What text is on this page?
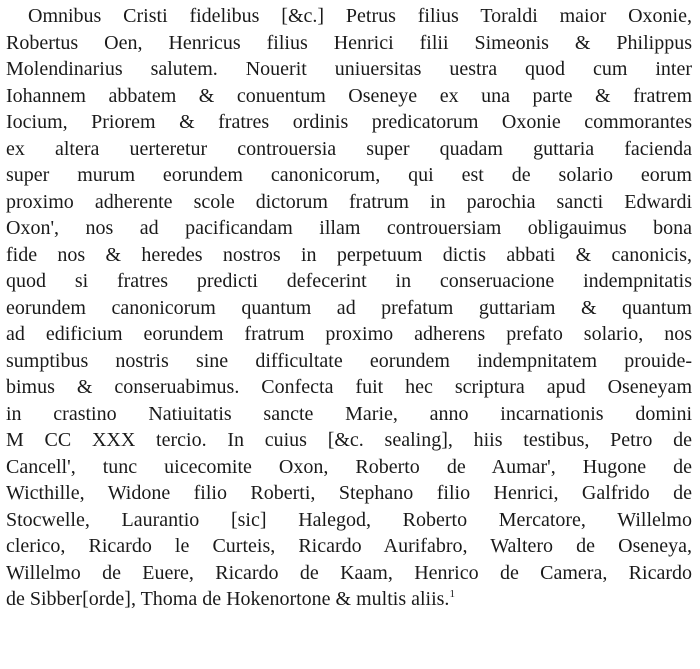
Omnibus Cristi fidelibus [&c.] Petrus filius Toraldi maior Oxonie,
Robertus Oen, Henricus filius Henrici filii Simeonis & Philippus
Molendinarius salutem. Nouerit uniuersitas uestra quod cum inter
Iohannem abbatem & conuentum Oseneye ex una parte & fratrem
Iocium, Priorem & fratres ordinis predicatorum Oxonie commorantes
ex altera uerteretur controuersia super quadam guttaria facienda
super murum eorundem canonicorum, qui est de solario eorum
proximo adherente scole dictorum fratrum in parochia sancti Edwardi
Oxon', nos ad pacificandam illam controuersiam obligauimus bona
fide nos & heredes nostros in perpetuum dictis abbati & canonicis,
quod si fratres predicti defecerint in conseruacione indempnitatis
eorundem canonicorum quantum ad prefatum guttariam & quantum
ad edificium eorundem fratrum proximo adherens prefato solario, nos
sumptibus nostris sine difficultate eorundem indempnitatem prouide-
bimus & conseruabimus. Confecta fuit hec scriptura apud Oseneyam
in crastino Natiuitatis sancte Marie, anno incarnationis domini
M CC XXX tercio. In cuius [&c. sealing], hiis testibus, Petro de
Cancell', tunc uicecomite Oxon, Roberto de Aumar', Hugone de
Wicthille, Widone filio Roberti, Stephano filio Henrici, Galfrido de
Stocwelle, Laurantio [sic] Halegod, Roberto Mercatore, Willelmo
clerico, Ricardo le Curteis, Ricardo Aurifabro, Waltero de Oseneya,
Willelmo de Euere, Ricardo de Kaam, Henrico de Camera, Ricardo
de Sibber[orde], Thoma de Hokenortone & multis aliis.$^1$
